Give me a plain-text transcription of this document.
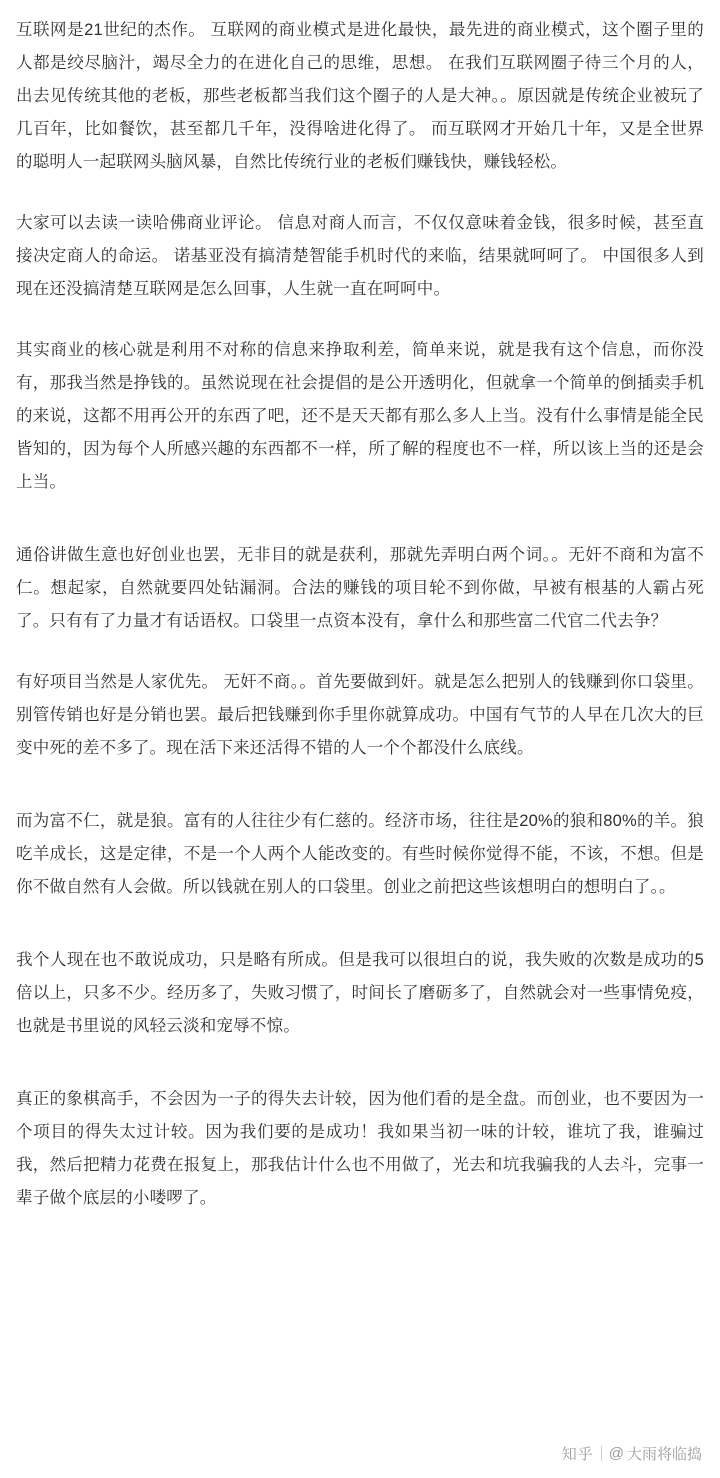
互联网是21世纪的杰作。 互联网的商业模式是进化最快，最先进的商业模式，这个圈子里的人都是绞尽脑汁，竭尽全力的在进化自己的思维，思想。 在我们互联网圈子待三个月的人，出去见传统其他的老板，那些老板都当我们这个圈子的人是大神。。原因就是传统企业被玩了几百年，比如餐饮，甚至都几千年，没得啥进化得了。 而互联网才开始几十年，又是全世界的聪明人一起联网头脑风暴，自然比传统行业的老板们赚钱快，赚钱轻松。

大家可以去读一读哈佛商业评论。 信息对商人而言，不仅仅意味着金钱，很多时候，甚至直接决定商人的命运。 诺基亚没有搞清楚智能手机时代的来临，结果就呵呵了。 中国很多人到现在还没搞清楚互联网是怎么回事，人生就一直在呵呵中。

其实商业的核心就是利用不对称的信息来挣取利差，简单来说，就是我有这个信息，而你没有，那我当然是挣钱的。虽然说现在社会提倡的是公开透明化，但就拿一个简单的倒插卖手机的来说，这都不用再公开的东西了吧，还不是天天都有那么多人上当。没有什么事情是能全民皆知的，因为每个人所感兴趣的东西都不一样，所了解的程度也不一样，所以该上当的还是会上当。

通俗讲做生意也好创业也罢，无非目的就是获利，那就先弄明白两个词。。无奸不商和为富不仁。想起家，自然就要四处钻漏洞。合法的赚钱的项目轮不到你做，早被有根基的人霸占死了。只有有了力量才有话语权。口袋里一点资本没有，拿什么和那些富二代官二代去争？

有好项目当然是人家优先。 无奸不商。。首先要做到奸。就是怎么把别人的钱赚到你口袋里。别管传销也好是分销也罢。最后把钱赚到你手里你就算成功。中国有气节的人早在几次大的巨变中死的差不多了。现在活下来还活得不错的人一个个都没什么底线。

而为富不仁，就是狼。富有的人往往少有仁慈的。经济市场，往往是20%的狼和80%的羊。狼吃羊成长，这是定律，不是一个人两个人能改变的。有些时候你觉得不能，不该，不想。但是你不做自然有人会做。所以钱就在别人的口袋里。创业之前把这些该想明白的想明白了。。

我个人现在也不敢说成功，只是略有所成。但是我可以很坦白的说，我失败的次数是成功的5倍以上，只多不少。经历多了，失败习惯了，时间长了磨砺多了，自然就会对一些事情免疫，也就是书里说的风轻云淡和宠辱不惊。

真正的象棋高手，不会因为一子的得失去计较，因为他们看的是全盘。而创业，也不要因为一个项目的得失太过计较。因为我们要的是成功！我如果当初一味的计较，谁坑了我，谁骗过我，然后把精力花费在报复上，那我估计什么也不用做了，光去和坑我骗我的人去斗，完事一辈子做个底层的小喽啰了。

知乎 @ 大雨将临捣
